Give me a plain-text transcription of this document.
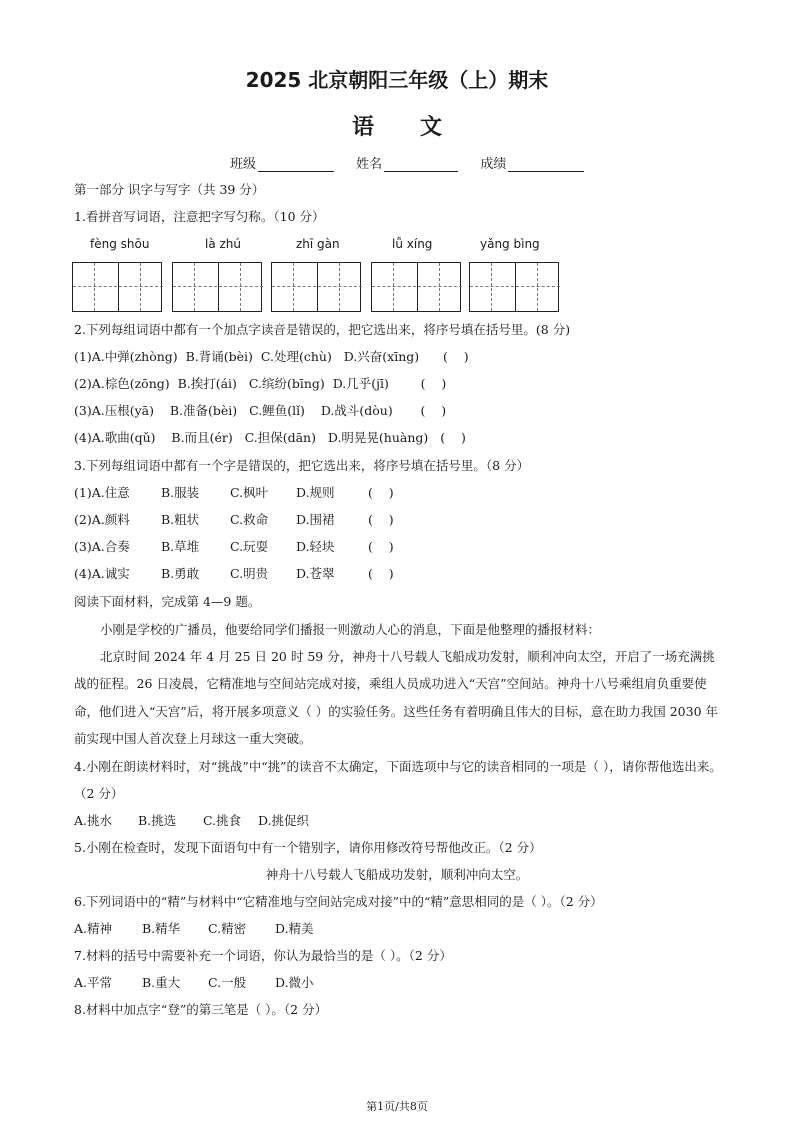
2025 北京朝阳三年级（上）期末
语文
班级	姓名	成绩
第一部分 识字与写字（共 39 分）
1.看拼音写词语，注意把字写匀称。（10 分）
fèng shōu	là zhú	zhī gàn	lǚ xíng	yǎng bìng
2.下列每组词语中都有一个加点字读音是错误的，把它选出来，将序号填在括号里。(8 分)
(1)A.中弹(zhòng)  B.背诵(bèi)  C.处理(chù)   D.兴奋(xīng)      (    )
(2)A.棕色(zōng)  B.挨打(ái)   C.缤纷(bīng)  D.几乎(jī)        (    )
(3)A.压根(yā)    B.准备(bèi)   C.鲤鱼(lǐ)    D.战斗(dòu)       (    )
(4)A.歌曲(qǔ)    B.而且(ér)   C.担保(dān)   D.明晃晃(huàng)   (    )
3.下列每组词语中都有一个字是错误的，把它选出来，将序号填在括号里。（8 分）
(1)A.住意	B.服装 C.枫叶 D.规则	(    )
(2)A.颜料	B.粗状 C.救命 D.围裙	(    )
(3)A.合奏	B.草堆 C.玩耍 D.轻块	(    )
(4)A.诚实	B.勇敢 C.明贵 D.苍翠	(    )
阅读下面材料，完成第 4—9 题。
小刚是学校的广播员，他要给同学们播报一则激动人心的消息，下面是他整理的播报材料：
北京时间 2024 年 4 月 25 日 20 时 59 分，神舟十八号载人飞船成功发射，顺利冲向太空，开启了一场充满挑战的征程。26 日凌晨，它精准地与空间站完成对接，乘组人员成功进入“天宫”空间站。神舟十八号乘组肩负重要使命，他们进入“天宫”后，将开展多项意义（ ）的实验任务。这些任务有着明确且伟大的目标，意在助力我国 2030 年前实现中国人首次登上月球这一重大突破。
4.小刚在朗读材料时，对“挑战”中“挑”的读音不太确定，下面选项中与它的读音相同的一项是（ ），请你帮他选出来。（2 分）
A.挑水 B.挑选 C.挑食 D.挑促织
5.小刚在检查时，发现下面语句中有一个错别字，请你用修改符号帮他改正。（2 分）
神舟十八号载人飞船成功发射，顺利冲向太空。
6.下列词语中的“精”与材料中“它精准地与空间站完成对接”中的“精”意思相同的是（ ）。（2 分）
A.精神 B.精华 C.精密 D.精美
7.材料的括号中需要补充一个词语，你认为最恰当的是（ ）。（2 分）
A.平常 B.重大 C.一般 D.微小
8.材料中加点字“登”的第三笔是（ ）。（2 分）
第1页/共8页
